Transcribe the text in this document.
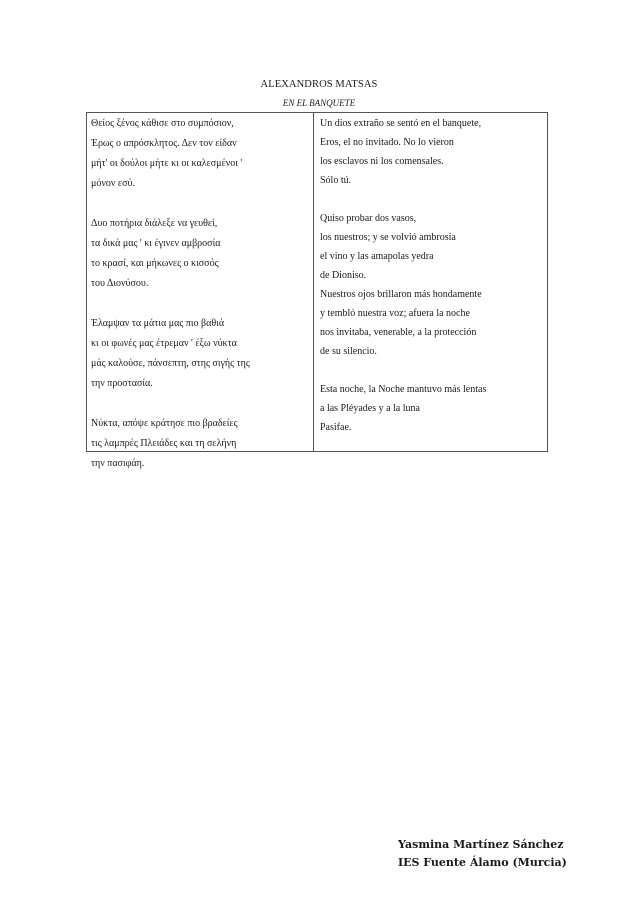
ALEXANDROS MATSAS
EN EL BANQUETE
Θείος ξένος κάθισε στο συμπόσιον,
Έρως ο απρόσκλητος. Δεν τον είδαν
μήτ' οι δούλοι μήτε κι οι καλεσμένοι '
μόνον εσύ.
Δυο ποτήρια διάλεξε να γευθεί,
τα δικά μας ' κι έγινεν αμβροσία
το κρασί, και μήκωνες ο κισσός
του Διονύσου.
Έλαμψαν τα μάτια μας πιο βαθιά
κι οι φωνές μας έτρεμαν ' έξω νύκτα
μάς καλούσε, πάνσεπτη, στης σιγής της
την προστασία.
Νύκτα, απόψε κράτησε πιο βραδείες
τις λαμπρές Πλειάδες και τη σελήνη
την πασιφάη.
Un dios extraño se sentó en el banquete,
Eros, el no invitado. No lo vieron
los esclavos ni los comensales.
Sólo tú.
Quiso probar dos vasos,
los nuestros; y se volvió ambrosía
el vino y las amapolas yedra
de Dioniso.
Nuestros ojos brillaron más hondamente
y tembló nuestra voz; afuera la noche
nos invitaba, venerable, a la protección
de su silencio.
Esta noche, la Noche mantuvo más lentas
a las Pléyades y a la luna
Pasifae.
Yasmina Martínez Sánchez
IES Fuente Álamo (Murcia)
